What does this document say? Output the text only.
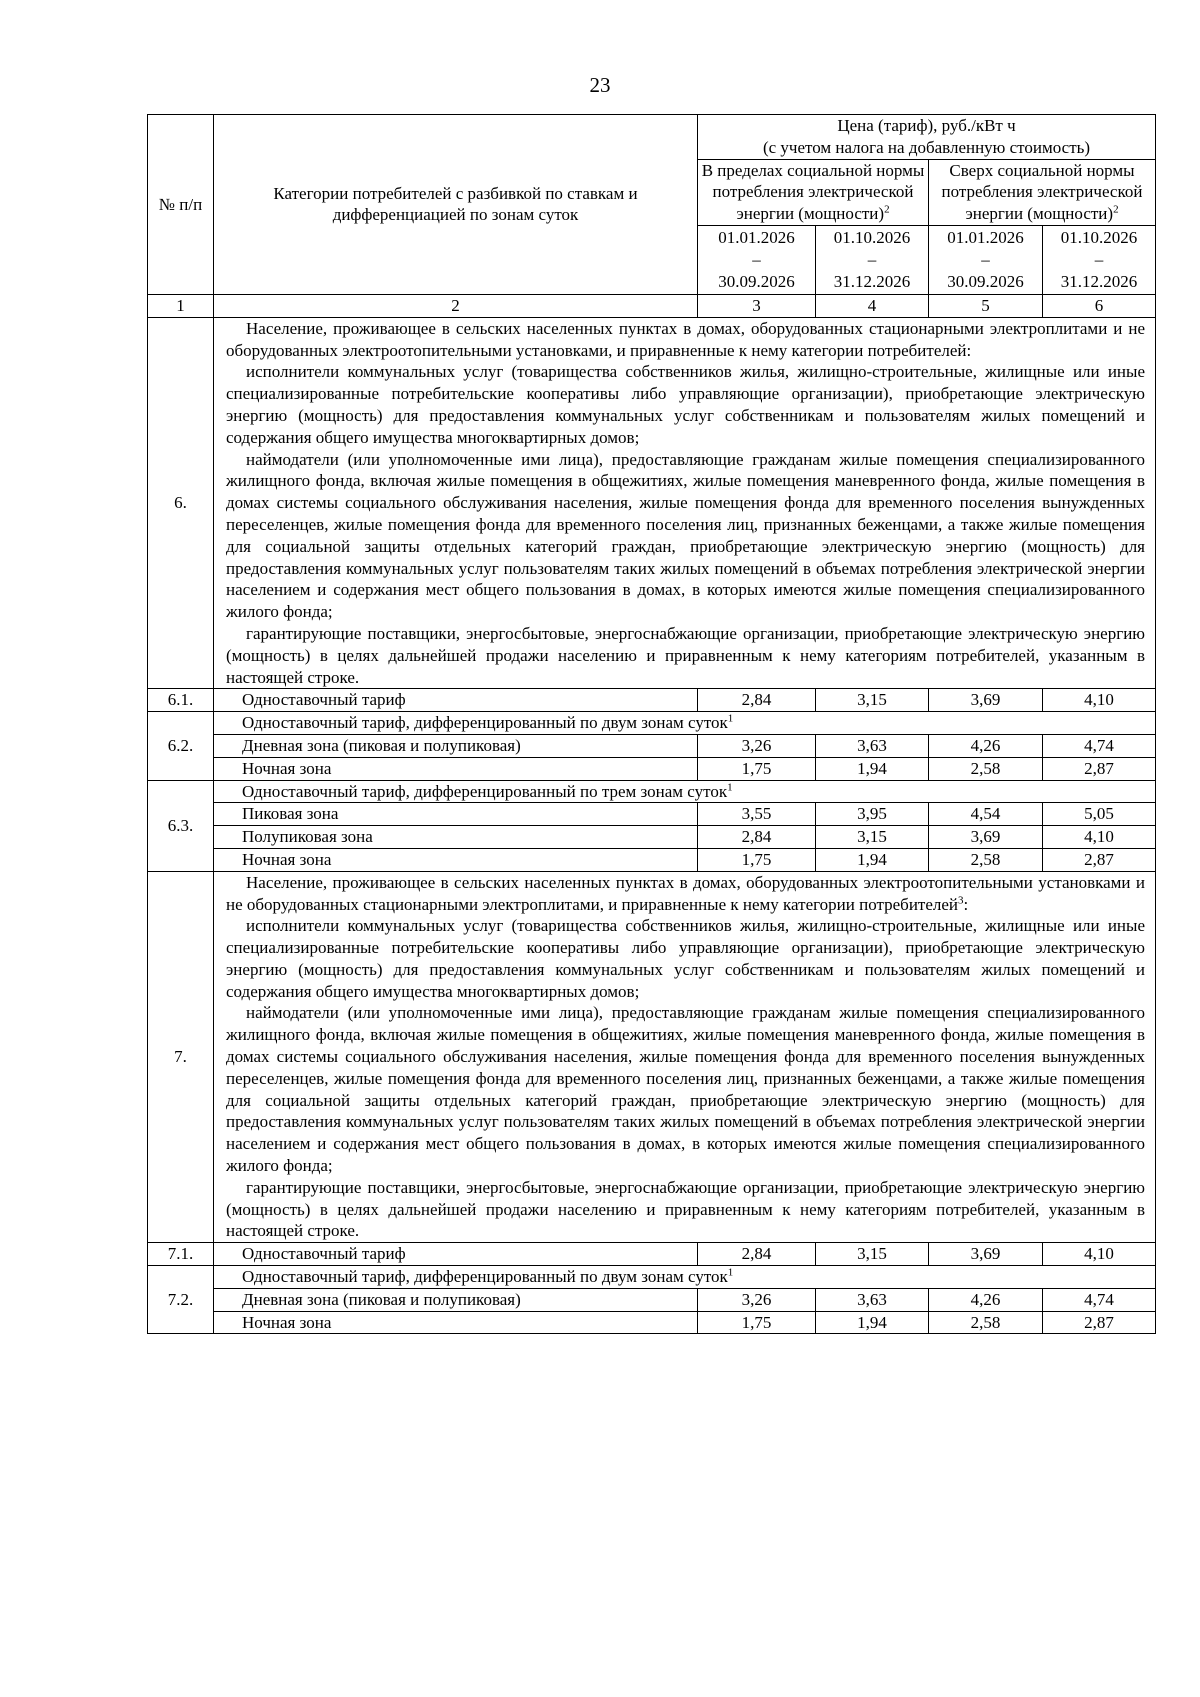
23
№ п/п	Категории потребителей с разбивкой по ставкам и дифференциацией по зонам суток	Цена (тариф), руб./кВт ч
(с учетом налога на добавленную стоимость)			

		В пределах социальной нормы потребления электрической энергии (мощности)$^2$		Сверх социальной нормы потребления электрической энергии (мощности)$^2$
		01.01.2026
–
30.09.2026	01.10.2026
–
31.12.2026	01.01.2026
–
30.09.2026	01.10.2026
–
31.12.2026
1	2	3	4	5	6
6.	Население, проживающее в сельских населенных пунктах в домах, оборудованных стационарными электроплитами и не оборудованных электроотопительными установками, и приравненные к нему категории потребителей:

исполнители коммунальных услуг (товарищества собственников жилья, жилищно-строительные, жилищные или иные специализированные потребительские кооперативы либо управляющие организации), приобретающие электрическую энергию (мощность) для предоставления коммунальных услуг собственникам и пользователям жилых помещений и содержания общего имущества многоквартирных домов;

наймодатели (или уполномоченные ими лица), предоставляющие гражданам жилые помещения специализированного жилищного фонда, включая жилые помещения в общежитиях, жилые помещения маневренного фонда, жилые помещения в домах системы социального обслуживания населения, жилые помещения фонда для временного поселения вынужденных переселенцев, жилые помещения фонда для временного поселения лиц, признанных беженцами, а также жилые помещения для социальной защиты отдельных категорий граждан, приобретающие электрическую энергию (мощность) для предоставления коммунальных услуг пользователям таких жилых помещений в объемах потребления электрической энергии населением и содержания мест общего пользования в домах, в которых имеются жилые помещения специализированного жилого фонда;

гарантирующие поставщики, энергосбытовые, энергоснабжающие организации, приобретающие электрическую энергию (мощность) в целях дальнейшей продажи населению и приравненным к нему категориям потребителей, указанным в настоящей строке.				

6.1.	Одноставочный тариф	2,84	3,15	3,69	4,10
6.2.	Одноставочный тариф, дифференцированный по двум зонам суток$^1$
	Дневная зона (пиковая и полупиковая)	3,26	3,63	4,26	4,74
	Ночная зона	1,75	1,94	2,58	2,87
6.3.	Одноставочный тариф, дифференцированный по трем зонам суток$^1$
	Пиковая зона	3,55	3,95	4,54	5,05
	Полупиковая зона	2,84	3,15	3,69	4,10
	Ночная зона	1,75	1,94	2,58	2,87
7.	Население, проживающее в сельских населенных пунктах в домах, оборудованных электроотопительными установками и не оборудованных стационарными электроплитами, и приравненные к нему категории потребителей$^3$:

исполнители коммунальных услуг (товарищества собственников жилья, жилищно-строительные, жилищные или иные специализированные потребительские кооперативы либо управляющие организации), приобретающие электрическую энергию (мощность) для предоставления коммунальных услуг собственникам и пользователям жилых помещений и содержания общего имущества многоквартирных домов;

наймодатели (или уполномоченные ими лица), предоставляющие гражданам жилые помещения специализированного жилищного фонда, включая жилые помещения в общежитиях, жилые помещения маневренного фонда, жилые помещения в домах системы социального обслуживания населения, жилые помещения фонда для временного поселения вынужденных переселенцев, жилые помещения фонда для временного поселения лиц, признанных беженцами, а также жилые помещения для социальной защиты отдельных категорий граждан, приобретающие электрическую энергию (мощность) для предоставления коммунальных услуг пользователям таких жилых помещений в объемах потребления электрической энергии населением и содержания мест общего пользования в домах, в которых имеются жилые помещения специализированного жилого фонда;

гарантирующие поставщики, энергосбытовые, энергоснабжающие организации, приобретающие электрическую энергию (мощность) в целях дальнейшей продажи населению и приравненным к нему категориям потребителей, указанным в настоящей строке.				

7.1.	Одноставочный тариф	2,84	3,15	3,69	4,10
7.2.	Одноставочный тариф, дифференцированный по двум зонам суток$^1$
	Дневная зона (пиковая и полупиковая)	3,26	3,63	4,26	4,74
	Ночная зона	1,75	1,94	2,58	2,87
